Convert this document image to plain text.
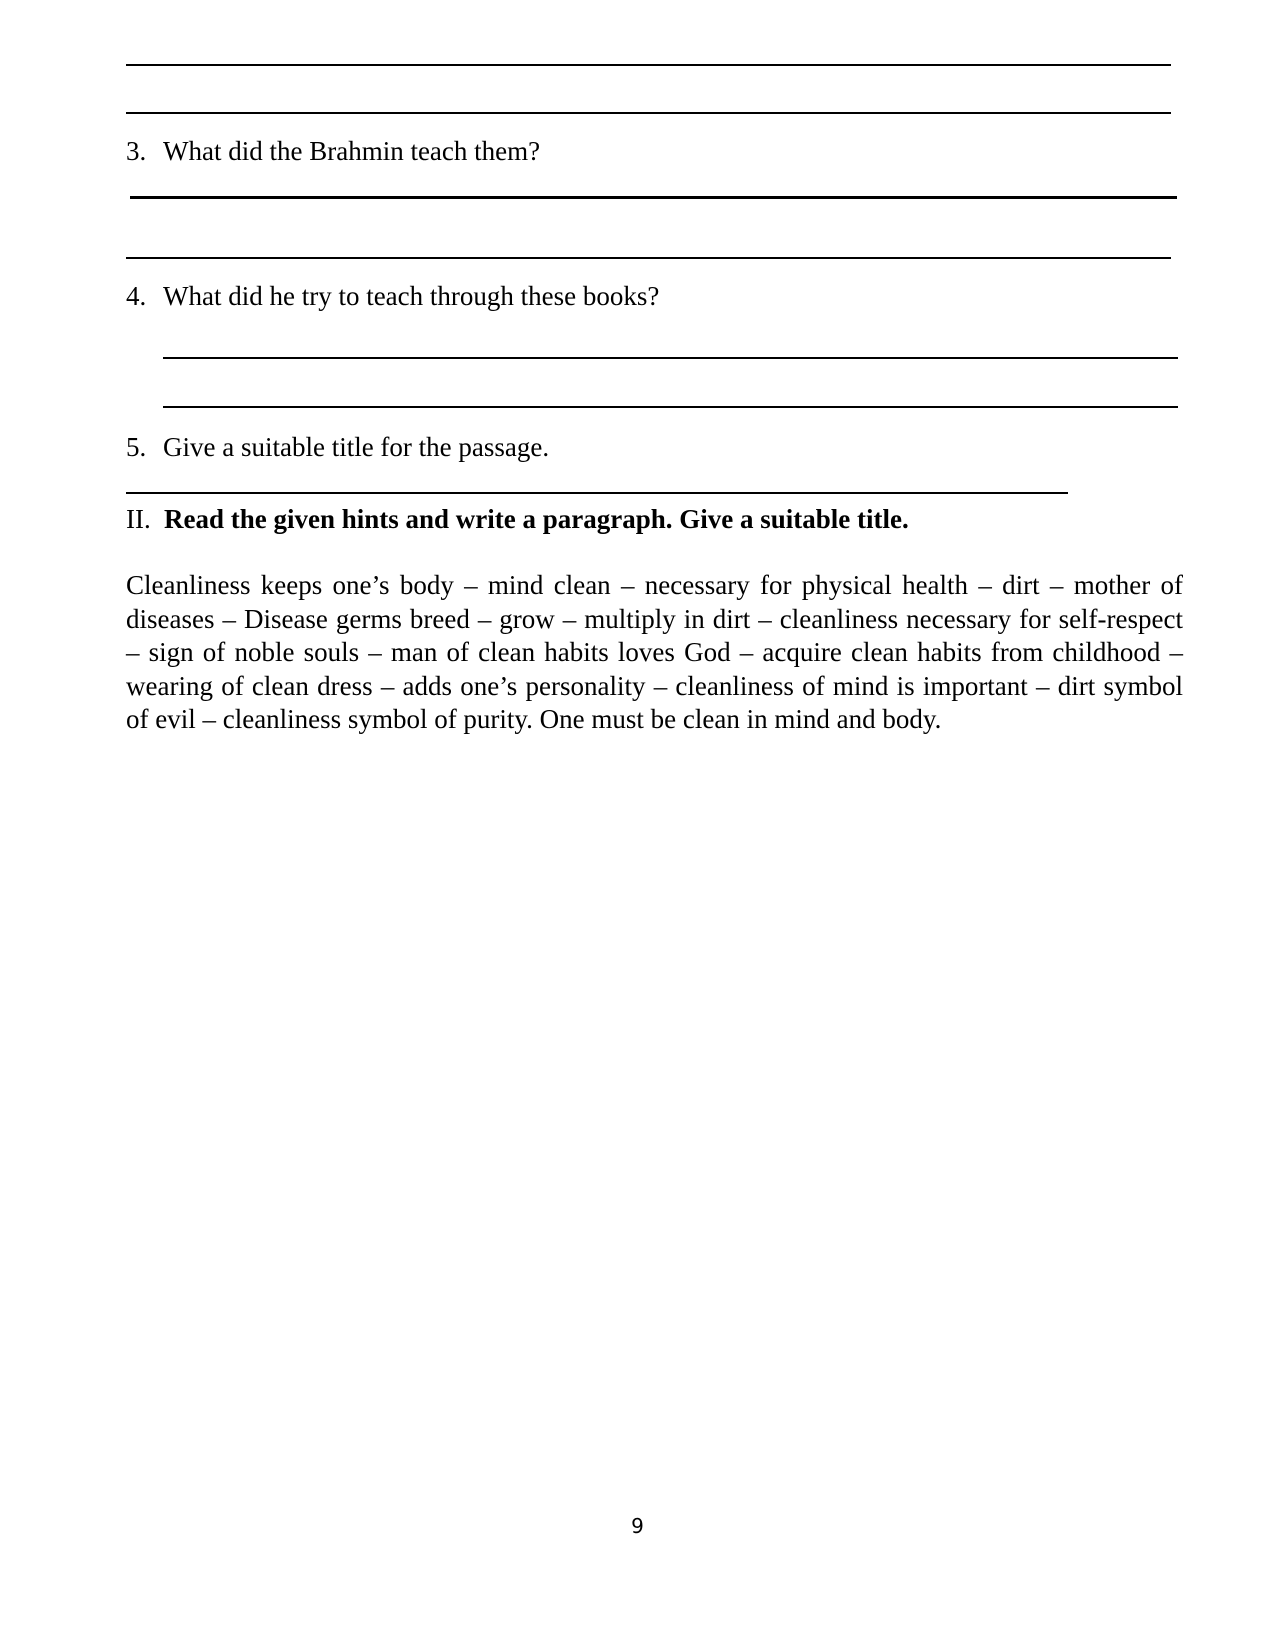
3. What did the Brahmin teach them?
4. What did he try to teach through these books?
5. Give a suitable title for the passage.
II. Read the given hints and write a paragraph. Give a suitable title.

Cleanliness keeps one’s body – mind clean – necessary for physical health – dirt – mother of diseases – Disease germs breed – grow – multiply in dirt – cleanliness necessary for self-respect – sign of noble souls – man of clean habits loves God – acquire clean habits from childhood – wearing of clean dress – adds one’s personality – cleanliness of mind is important – dirt symbol of evil – cleanliness symbol of purity. One must be clean in mind and body.

9
